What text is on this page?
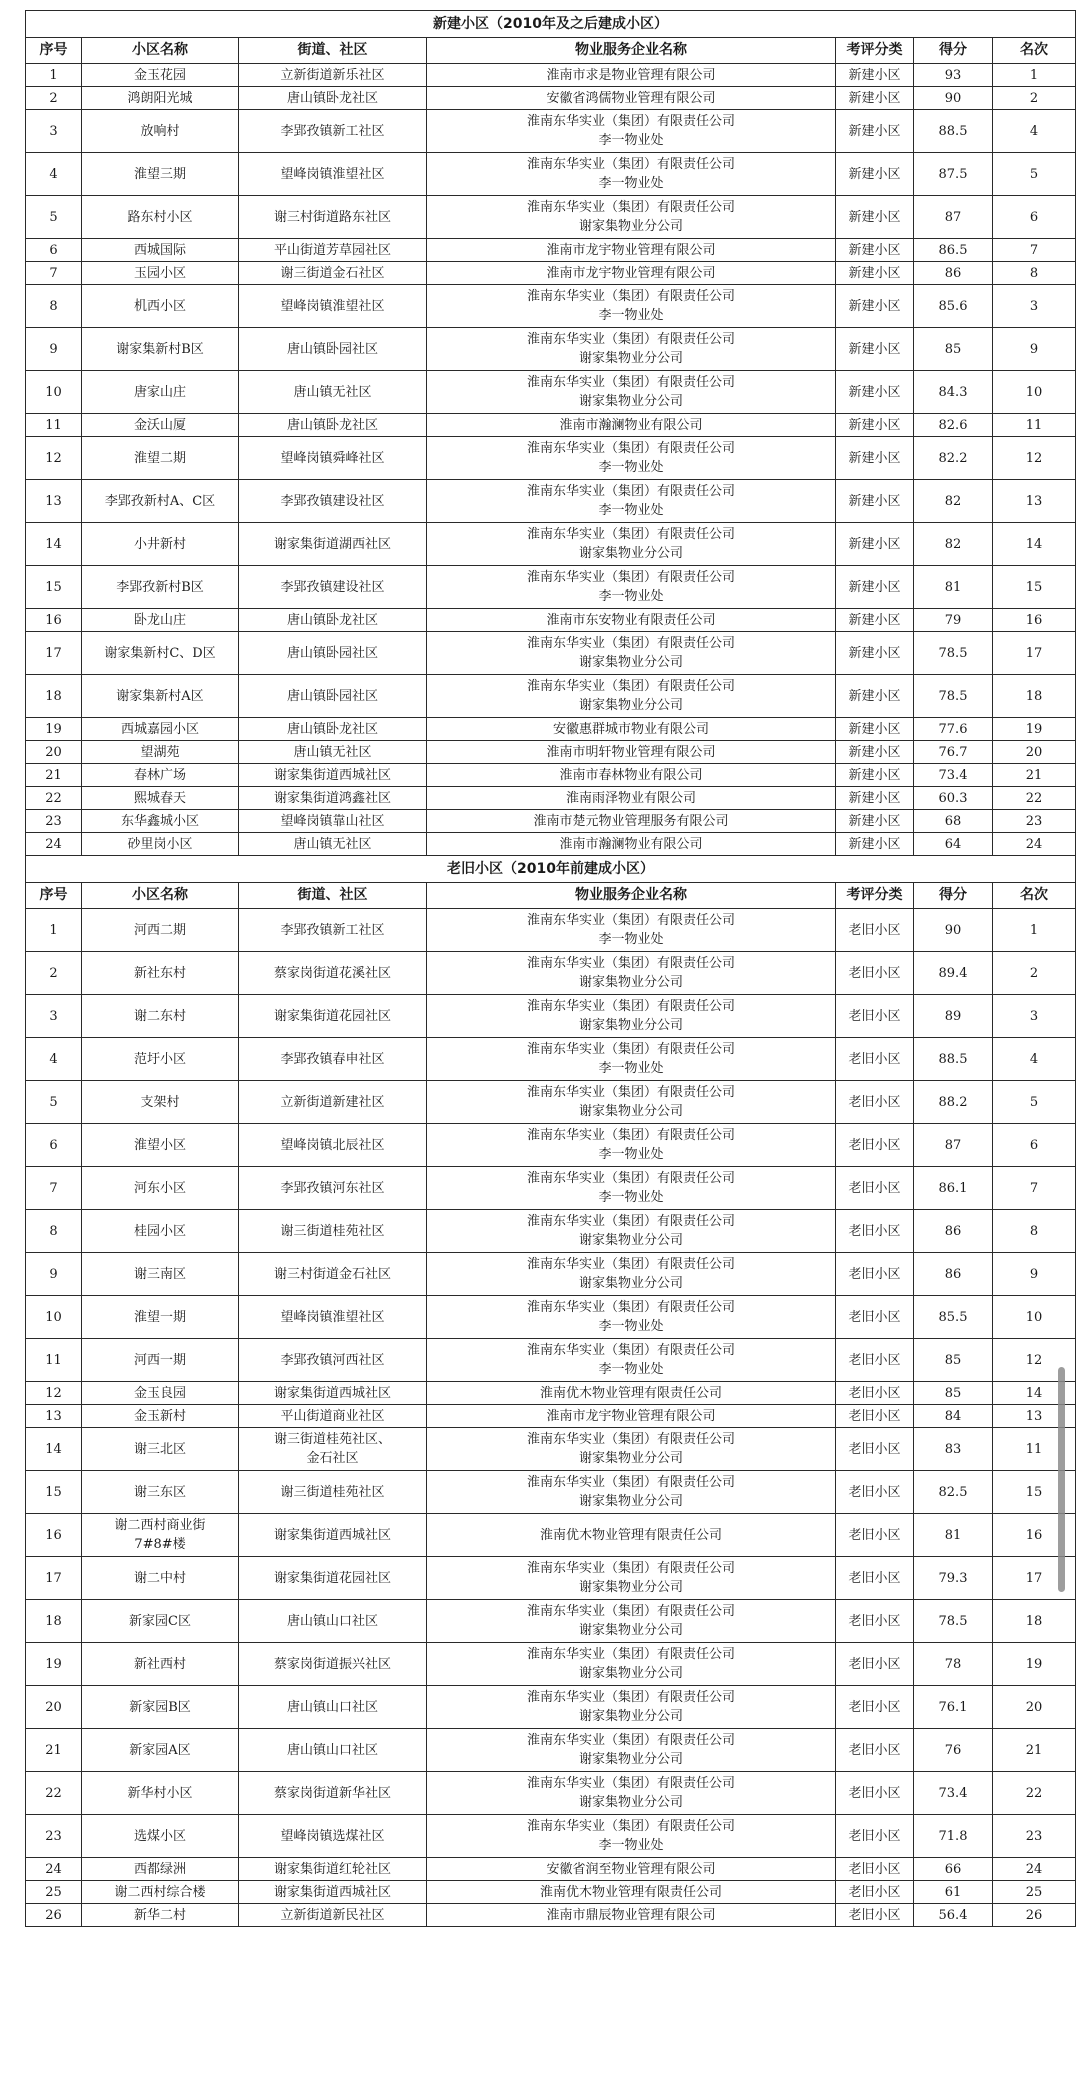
新建小区（2010年及之后建成小区）						
序号	小区名称	街道、社区	物业服务企业名称	考评分类	得分	名次
1	金玉花园	立新街道新乐社区	淮南市求是物业管理有限公司	新建小区	93	1
2	鸿朗阳光城	唐山镇卧龙社区	安徽省鸿儒物业管理有限公司	新建小区	90	2
3	放响村	李郢孜镇新工社区	淮南东华实业（集团）有限责任公司
李一物业处	新建小区	88.5	4
4	淮望三期	望峰岗镇淮望社区	淮南东华实业（集团）有限责任公司
李一物业处	新建小区	87.5	5
5	路东村小区	谢三村街道路东社区	淮南东华实业（集团）有限责任公司
谢家集物业分公司	新建小区	87	6
6	西城国际	平山街道芳草园社区	淮南市龙宇物业管理有限公司	新建小区	86.5	7
7	玉园小区	谢三街道金石社区	淮南市龙宇物业管理有限公司	新建小区	86	8
8	机西小区	望峰岗镇淮望社区	淮南东华实业（集团）有限责任公司
李一物业处	新建小区	85.6	3
9	谢家集新村B区	唐山镇卧园社区	淮南东华实业（集团）有限责任公司
谢家集物业分公司	新建小区	85	9
10	唐家山庄	唐山镇无社区	淮南东华实业（集团）有限责任公司
谢家集物业分公司	新建小区	84.3	10
11	金沃山厦	唐山镇卧龙社区	淮南市瀚澜物业有限公司	新建小区	82.6	11
12	淮望二期	望峰岗镇舜峰社区	淮南东华实业（集团）有限责任公司
李一物业处	新建小区	82.2	12
13	李郢孜新村A、C区	李郢孜镇建设社区	淮南东华实业（集团）有限责任公司
李一物业处	新建小区	82	13
14	小井新村	谢家集街道湖西社区	淮南东华实业（集团）有限责任公司
谢家集物业分公司	新建小区	82	14
15	李郢孜新村B区	李郢孜镇建设社区	淮南东华实业（集团）有限责任公司
李一物业处	新建小区	81	15
16	卧龙山庄	唐山镇卧龙社区	淮南市东安物业有限责任公司	新建小区	79	16
17	谢家集新村C、D区	唐山镇卧园社区	淮南东华实业（集团）有限责任公司
谢家集物业分公司	新建小区	78.5	17
18	谢家集新村A区	唐山镇卧园社区	淮南东华实业（集团）有限责任公司
谢家集物业分公司	新建小区	78.5	18
19	西城嘉园小区	唐山镇卧龙社区	安徽惠群城市物业有限公司	新建小区	77.6	19
20	望湖苑	唐山镇无社区	淮南市明轩物业管理有限公司	新建小区	76.7	20
21	春林广场	谢家集街道西城社区	淮南市春林物业有限公司	新建小区	73.4	21
22	熙城春天	谢家集街道鸿鑫社区	淮南雨泽物业有限公司	新建小区	60.3	22
23	东华鑫城小区	望峰岗镇靠山社区	淮南市楚元物业管理服务有限公司	新建小区	68	23
24	砂里岗小区	唐山镇无社区	淮南市瀚澜物业有限公司	新建小区	64	24
老旧小区（2010年前建成小区）						
序号	小区名称	街道、社区	物业服务企业名称	考评分类	得分	名次
1	河西二期	李郢孜镇新工社区	淮南东华实业（集团）有限责任公司
李一物业处	老旧小区	90	1
2	新社东村	蔡家岗街道花溪社区	淮南东华实业（集团）有限责任公司
谢家集物业分公司	老旧小区	89.4	2
3	谢二东村	谢家集街道花园社区	淮南东华实业（集团）有限责任公司
谢家集物业分公司	老旧小区	89	3
4	范圩小区	李郢孜镇春申社区	淮南东华实业（集团）有限责任公司
李一物业处	老旧小区	88.5	4
5	支架村	立新街道新建社区	淮南东华实业（集团）有限责任公司
谢家集物业分公司	老旧小区	88.2	5
6	淮望小区	望峰岗镇北辰社区	淮南东华实业（集团）有限责任公司
李一物业处	老旧小区	87	6
7	河东小区	李郢孜镇河东社区	淮南东华实业（集团）有限责任公司
李一物业处	老旧小区	86.1	7
8	桂园小区	谢三街道桂苑社区	淮南东华实业（集团）有限责任公司
谢家集物业分公司	老旧小区	86	8
9	谢三南区	谢三村街道金石社区	淮南东华实业（集团）有限责任公司
谢家集物业分公司	老旧小区	86	9
10	淮望一期	望峰岗镇淮望社区	淮南东华实业（集团）有限责任公司
李一物业处	老旧小区	85.5	10
11	河西一期	李郢孜镇河西社区	淮南东华实业（集团）有限责任公司
李一物业处	老旧小区	85	12
12	金玉良园	谢家集街道西城社区	淮南优木物业管理有限责任公司	老旧小区	85	14
13	金玉新村	平山街道商业社区	淮南市龙宇物业管理有限公司	老旧小区	84	13
14	谢三北区	谢三街道桂苑社区、
金石社区	淮南东华实业（集团）有限责任公司
谢家集物业分公司	老旧小区	83	11
15	谢三东区	谢三街道桂苑社区	淮南东华实业（集团）有限责任公司
谢家集物业分公司	老旧小区	82.5	15
16	谢二西村商业街
7#8#楼	谢家集街道西城社区	淮南优木物业管理有限责任公司	老旧小区	81	16
17	谢二中村	谢家集街道花园社区	淮南东华实业（集团）有限责任公司
谢家集物业分公司	老旧小区	79.3	17
18	新家园C区	唐山镇山口社区	淮南东华实业（集团）有限责任公司
谢家集物业分公司	老旧小区	78.5	18
19	新社西村	蔡家岗街道振兴社区	淮南东华实业（集团）有限责任公司
谢家集物业分公司	老旧小区	78	19
20	新家园B区	唐山镇山口社区	淮南东华实业（集团）有限责任公司
谢家集物业分公司	老旧小区	76.1	20
21	新家园A区	唐山镇山口社区	淮南东华实业（集团）有限责任公司
谢家集物业分公司	老旧小区	76	21
22	新华村小区	蔡家岗街道新华社区	淮南东华实业（集团）有限责任公司
谢家集物业分公司	老旧小区	73.4	22
23	选煤小区	望峰岗镇选煤社区	淮南东华实业（集团）有限责任公司
李一物业处	老旧小区	71.8	23
24	西都绿洲	谢家集街道红轮社区	安徽省润至物业管理有限公司	老旧小区	66	24
25	谢二西村综合楼	谢家集街道西城社区	淮南优木物业管理有限责任公司	老旧小区	61	25
26	新华二村	立新街道新民社区	淮南市鼎辰物业管理有限公司	老旧小区	56.4	26
